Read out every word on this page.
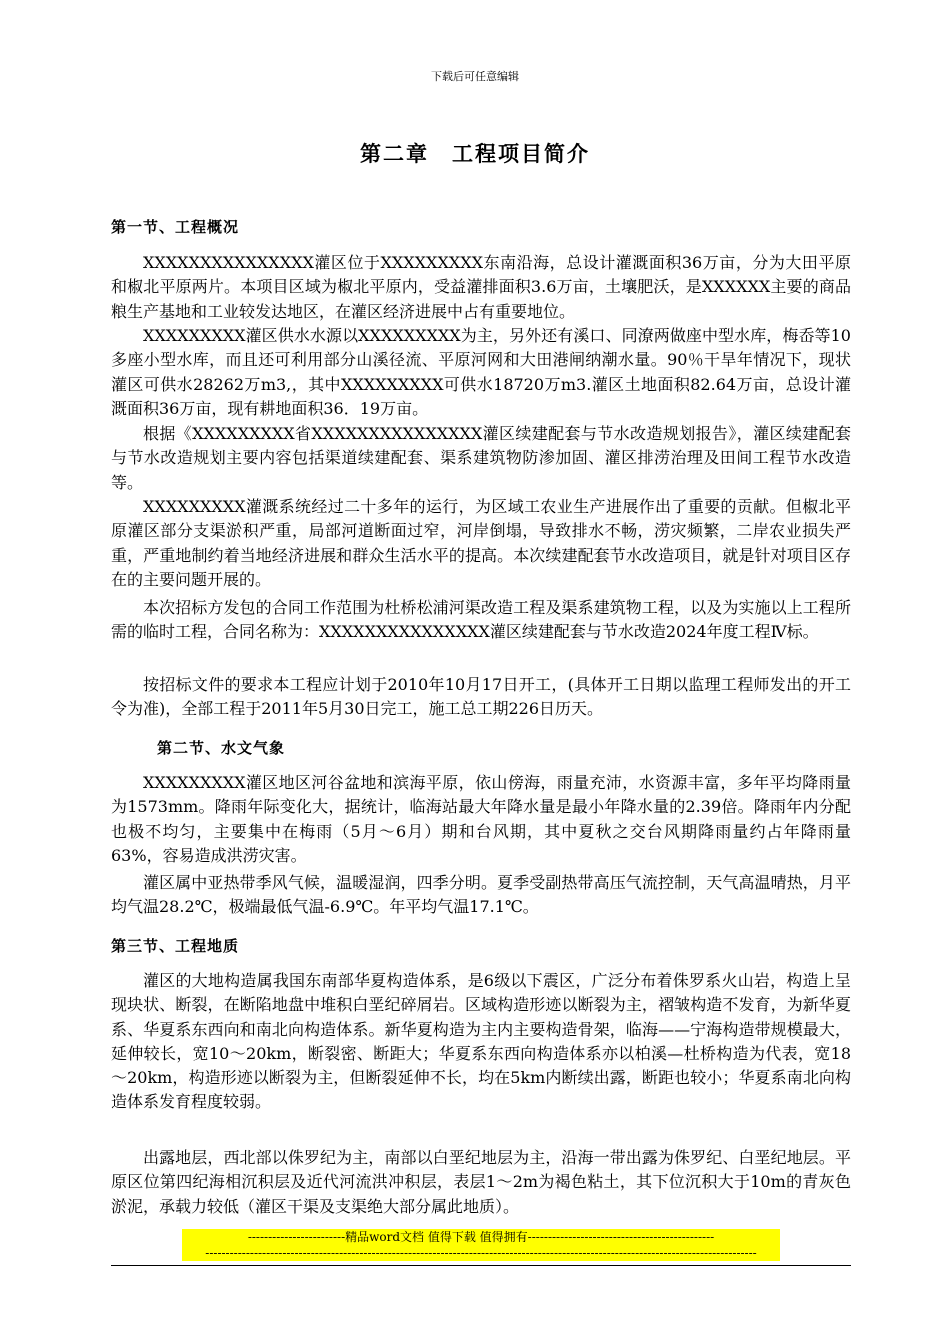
下载后可任意编辑
第二章　工程项目简介
第一节、工程概况

XXXXXXXXXXXXXXX灌区位于XXXXXXXXX东南沿海，总设计灌溉面积36万亩，分为大田平原和椒北平原两片。本项目区域为椒北平原内，受益灌排面积3.6万亩，土壤肥沃，是XXXXXX主要的商品粮生产基地和工业较发达地区，在灌区经济进展中占有重要地位。

XXXXXXXXX灌区供水水源以XXXXXXXXX为主，另外还有溪口、同潦两做座中型水库，梅岙等10多座小型水库，而且还可利用部分山溪径流、平原河网和大田港闸纳潮水量。90％干旱年情况下，现状灌区可供水28262万m3,，其中XXXXXXXXX可供水18720万m3.灌区土地面积82.64万亩，总设计灌溉面积36万亩，现有耕地面积36．19万亩。

根据《XXXXXXXXX省XXXXXXXXXXXXXXX灌区续建配套与节水改造规划报告》，灌区续建配套与节水改造规划主要内容包括渠道续建配套、渠系建筑物防渗加固、灌区排涝治理及田间工程节水改造等。

XXXXXXXXX灌溉系统经过二十多年的运行，为区域工农业生产进展作出了重要的贡献。但椒北平原灌区部分支渠淤积严重，局部河道断面过窄，河岸倒塌，导致排水不畅，涝灾频繁，二岸农业损失严重，严重地制约着当地经济进展和群众生活水平的提高。本次续建配套节水改造项目，就是针对项目区存在的主要问题开展的。

本次招标方发包的合同工作范围为杜桥松浦河渠改造工程及渠系建筑物工程，以及为实施以上工程所需的临时工程，合同名称为：XXXXXXXXXXXXXXX灌区续建配套与节水改造2024年度工程Ⅳ标。

按招标文件的要求本工程应计划于2010年10月17日开工，(具体开工日期以监理工程师发出的开工令为准)，全部工程于2011年5月30日完工，施工总工期226日历天。

第二节、水文气象

XXXXXXXXX灌区地区河谷盆地和滨海平原，依山傍海，雨量充沛，水资源丰富，多年平均降雨量为1573mm。降雨年际变化大，据统计，临海站最大年降水量是最小年降水量的2.39倍。降雨年内分配也极不均匀，主要集中在梅雨（5月～6月）期和台风期，其中夏秋之交台风期降雨量约占年降雨量63%，容易造成洪涝灾害。

灌区属中亚热带季风气候，温暖湿润，四季分明。夏季受副热带高压气流控制，天气高温晴热，月平均气温28.2℃，极端最低气温-6.9℃。年平均气温17.1℃。

第三节、工程地质

灌区的大地构造属我国东南部华夏构造体系，是6级以下震区，广泛分布着侏罗系火山岩，构造上呈现块状、断裂，在断陷地盘中堆积白垩纪碎屑岩。区域构造形迹以断裂为主，褶皱构造不发育，为新华夏系、华夏系东西向和南北向构造体系。新华夏构造为主内主要构造骨架，临海——宁海构造带规模最大，延伸较长，宽10～20km，断裂密、断距大；华夏系东西向构造体系亦以柏溪—杜桥构造为代表，宽18～20km，构造形迹以断裂为主，但断裂延伸不长，均在5km内断续出露，断距也较小；华夏系南北向构造体系发育程度较弱。

出露地层，西北部以侏罗纪为主，南部以白垩纪地层为主，沿海一带出露为侏罗纪、白垩纪地层。平原区位第四纪海相沉积层及近代河流洪冲积层，表层1～2m为褐色粘土，其下位沉积大于10m的青灰色淤泥，承载力较低（灌区干渠及支渠绝大部分属此地质）。

------------------------精品word文档 值得下载 值得拥有----------------------------------------------
----------------------------------------------------------------------------------------------------------------------------------------
